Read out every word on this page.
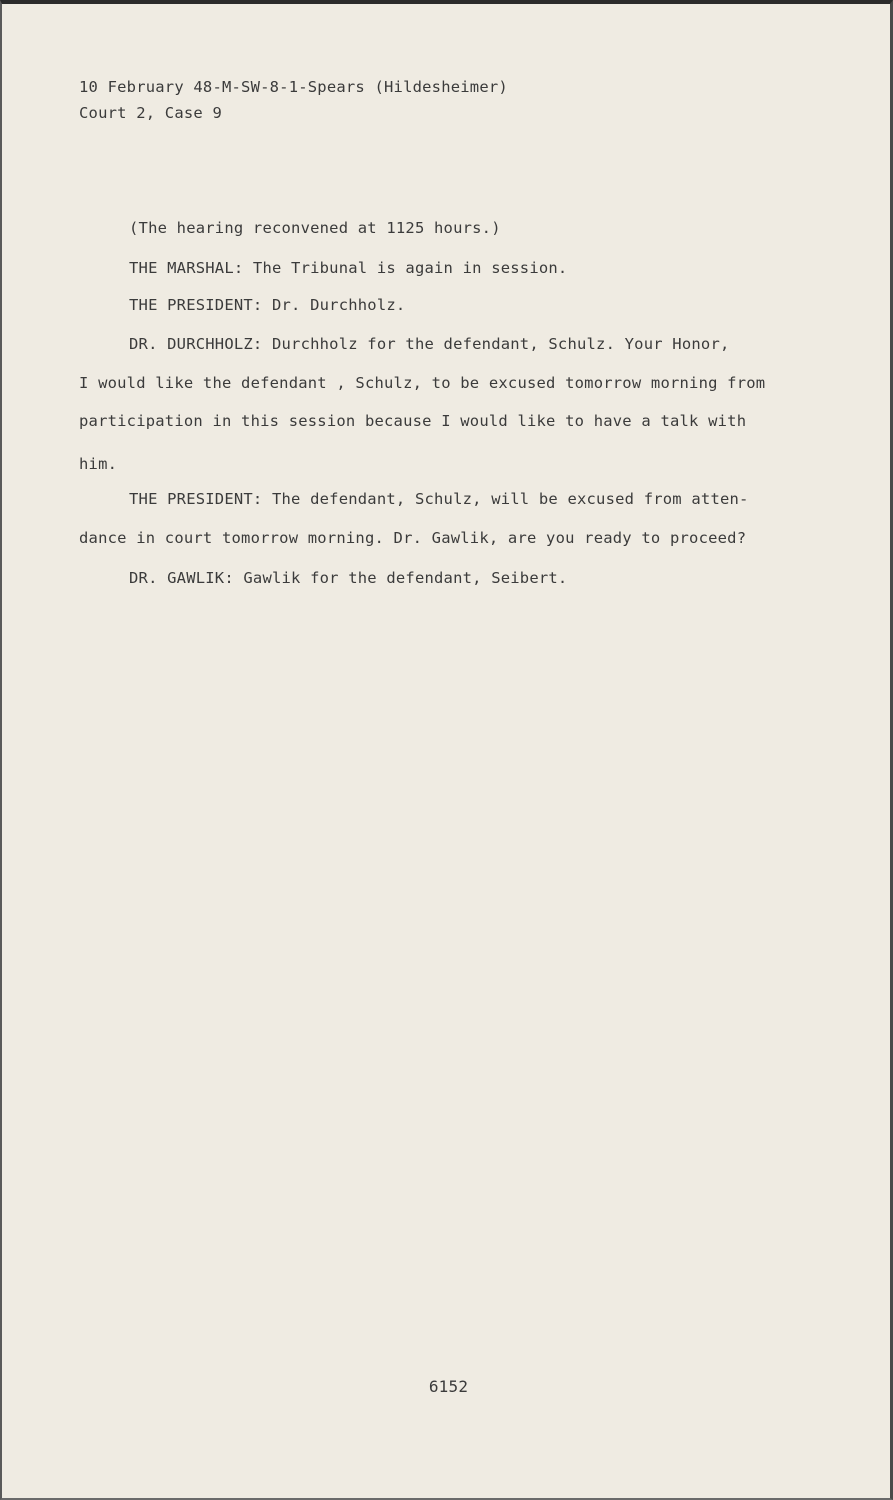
10 February 48-M-SW-8-1-Spears (Hildesheimer)

Court 2, Case 9

(The hearing reconvened at 1125 hours.)

THE MARSHAL: The Tribunal is again in session.

THE PRESIDENT: Dr. Durchholz.

DR. DURCHHOLZ: Durchholz for the defendant, Schulz. Your Honor,

I would like the defendant , Schulz, to be excused tomorrow morning from

participation in this session because I would like to have a talk with

him.

THE PRESIDENT: The defendant, Schulz, will be excused from atten-

dance in court tomorrow morning. Dr. Gawlik, are you ready to proceed?

DR. GAWLIK: Gawlik for the defendant, Seibert.

6152
